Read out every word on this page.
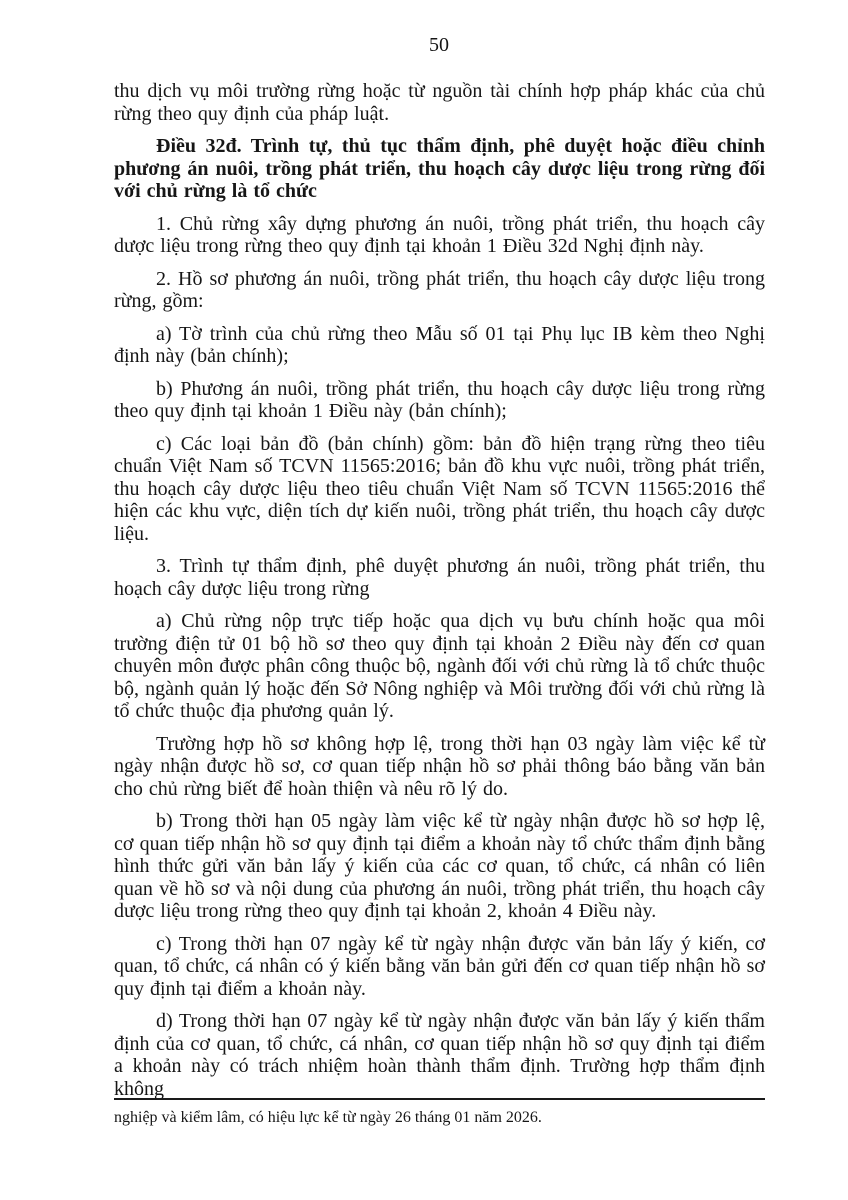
50

thu dịch vụ môi trường rừng hoặc từ nguồn tài chính hợp pháp khác của chủ rừng theo quy định của pháp luật.

Điều 32đ. Trình tự, thủ tục thẩm định, phê duyệt hoặc điều chỉnh phương án nuôi, trồng phát triển, thu hoạch cây dược liệu trong rừng đối với chủ rừng là tổ chức

1. Chủ rừng xây dựng phương án nuôi, trồng phát triển, thu hoạch cây dược liệu trong rừng theo quy định tại khoản 1 Điều 32d Nghị định này.

2. Hồ sơ phương án nuôi, trồng phát triển, thu hoạch cây dược liệu trong rừng, gồm:

a) Tờ trình của chủ rừng theo Mẫu số 01 tại Phụ lục IB kèm theo Nghị định này (bản chính);

b) Phương án nuôi, trồng phát triển, thu hoạch cây dược liệu trong rừng theo quy định tại khoản 1 Điều này (bản chính);

c) Các loại bản đồ (bản chính) gồm: bản đồ hiện trạng rừng theo tiêu chuẩn Việt Nam số TCVN 11565:2016; bản đồ khu vực nuôi, trồng phát triển, thu hoạch cây dược liệu theo tiêu chuẩn Việt Nam số TCVN 11565:2016 thể hiện các khu vực, diện tích dự kiến nuôi, trồng phát triển, thu hoạch cây dược liệu.

3. Trình tự thẩm định, phê duyệt phương án nuôi, trồng phát triển, thu hoạch cây dược liệu trong rừng

a) Chủ rừng nộp trực tiếp hoặc qua dịch vụ bưu chính hoặc qua môi trường điện tử 01 bộ hồ sơ theo quy định tại khoản 2 Điều này đến cơ quan chuyên môn được phân công thuộc bộ, ngành đối với chủ rừng là tổ chức thuộc bộ, ngành quản lý hoặc đến Sở Nông nghiệp và Môi trường đối với chủ rừng là tổ chức thuộc địa phương quản lý.

Trường hợp hồ sơ không hợp lệ, trong thời hạn 03 ngày làm việc kể từ ngày nhận được hồ sơ, cơ quan tiếp nhận hồ sơ phải thông báo bằng văn bản cho chủ rừng biết để hoàn thiện và nêu rõ lý do.

b) Trong thời hạn 05 ngày làm việc kể từ ngày nhận được hồ sơ hợp lệ, cơ quan tiếp nhận hồ sơ quy định tại điểm a khoản này tổ chức thẩm định bằng hình thức gửi văn bản lấy ý kiến của các cơ quan, tổ chức, cá nhân có liên quan về hồ sơ và nội dung của phương án nuôi, trồng phát triển, thu hoạch cây dược liệu trong rừng theo quy định tại khoản 2, khoản 4 Điều này.

c) Trong thời hạn 07 ngày kể từ ngày nhận được văn bản lấy ý kiến, cơ quan, tổ chức, cá nhân có ý kiến bằng văn bản gửi đến cơ quan tiếp nhận hồ sơ quy định tại điểm a khoản này.

d) Trong thời hạn 07 ngày kể từ ngày nhận được văn bản lấy ý kiến thẩm định của cơ quan, tổ chức, cá nhân, cơ quan tiếp nhận hồ sơ quy định tại điểm a khoản này có trách nhiệm hoàn thành thẩm định. Trường hợp thẩm định không

nghiệp và kiểm lâm, có hiệu lực kể từ ngày 26 tháng 01 năm 2026.
